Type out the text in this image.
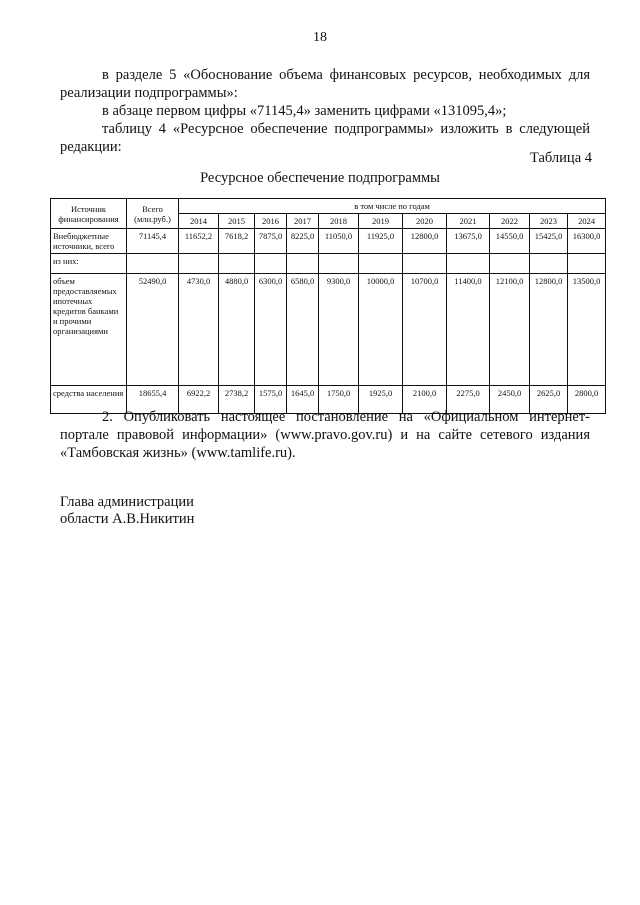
18

в разделе 5 «Обоснование объема финансовых ресурсов, необходимых для реализации подпрограммы»:

в абзаце первом цифры «71145,4» заменить цифрами «131095,4»;

таблицу 4 «Ресурсное обеспечение подпрограммы» изложить в следующей редакции:

Таблица 4
Ресурсное обеспечение подпрограммы
Источник финансирования	Всего (млн.руб.)	в том числе по годам										
		2014	2015	2016	2017	2018	2019	2020	2021	2022	2023	2024
Внебюджетные источники, всего	71145,4	11652,2	7618,2	7875,0	8225,0	11050,0	11925,0	12800,0	13675,0	14550,0	15425,0	16300,0
из них:												
объем предоставляемых ипотечных кредитов банками и прочими организациями	52490,0	4730,0	4880,0	6300,0	6580,0	9300,0	10000,0	10700,0	11400,0	12100,0	12800,0	13500,0
средства населения	18655,4	6922,2	2738,2	1575,0	1645,0	1750,0	1925,0	2100,0	2275,0	2450,0	2625,0	2800,0

2. Опубликовать настоящее постановление на «Официальном интернет-портале правовой информации» (www.pravo.gov.ru) и на сайте сетевого издания «Тамбовская жизнь» (www.tamlife.ru).

Глава администрации
области А.В.Никитин
